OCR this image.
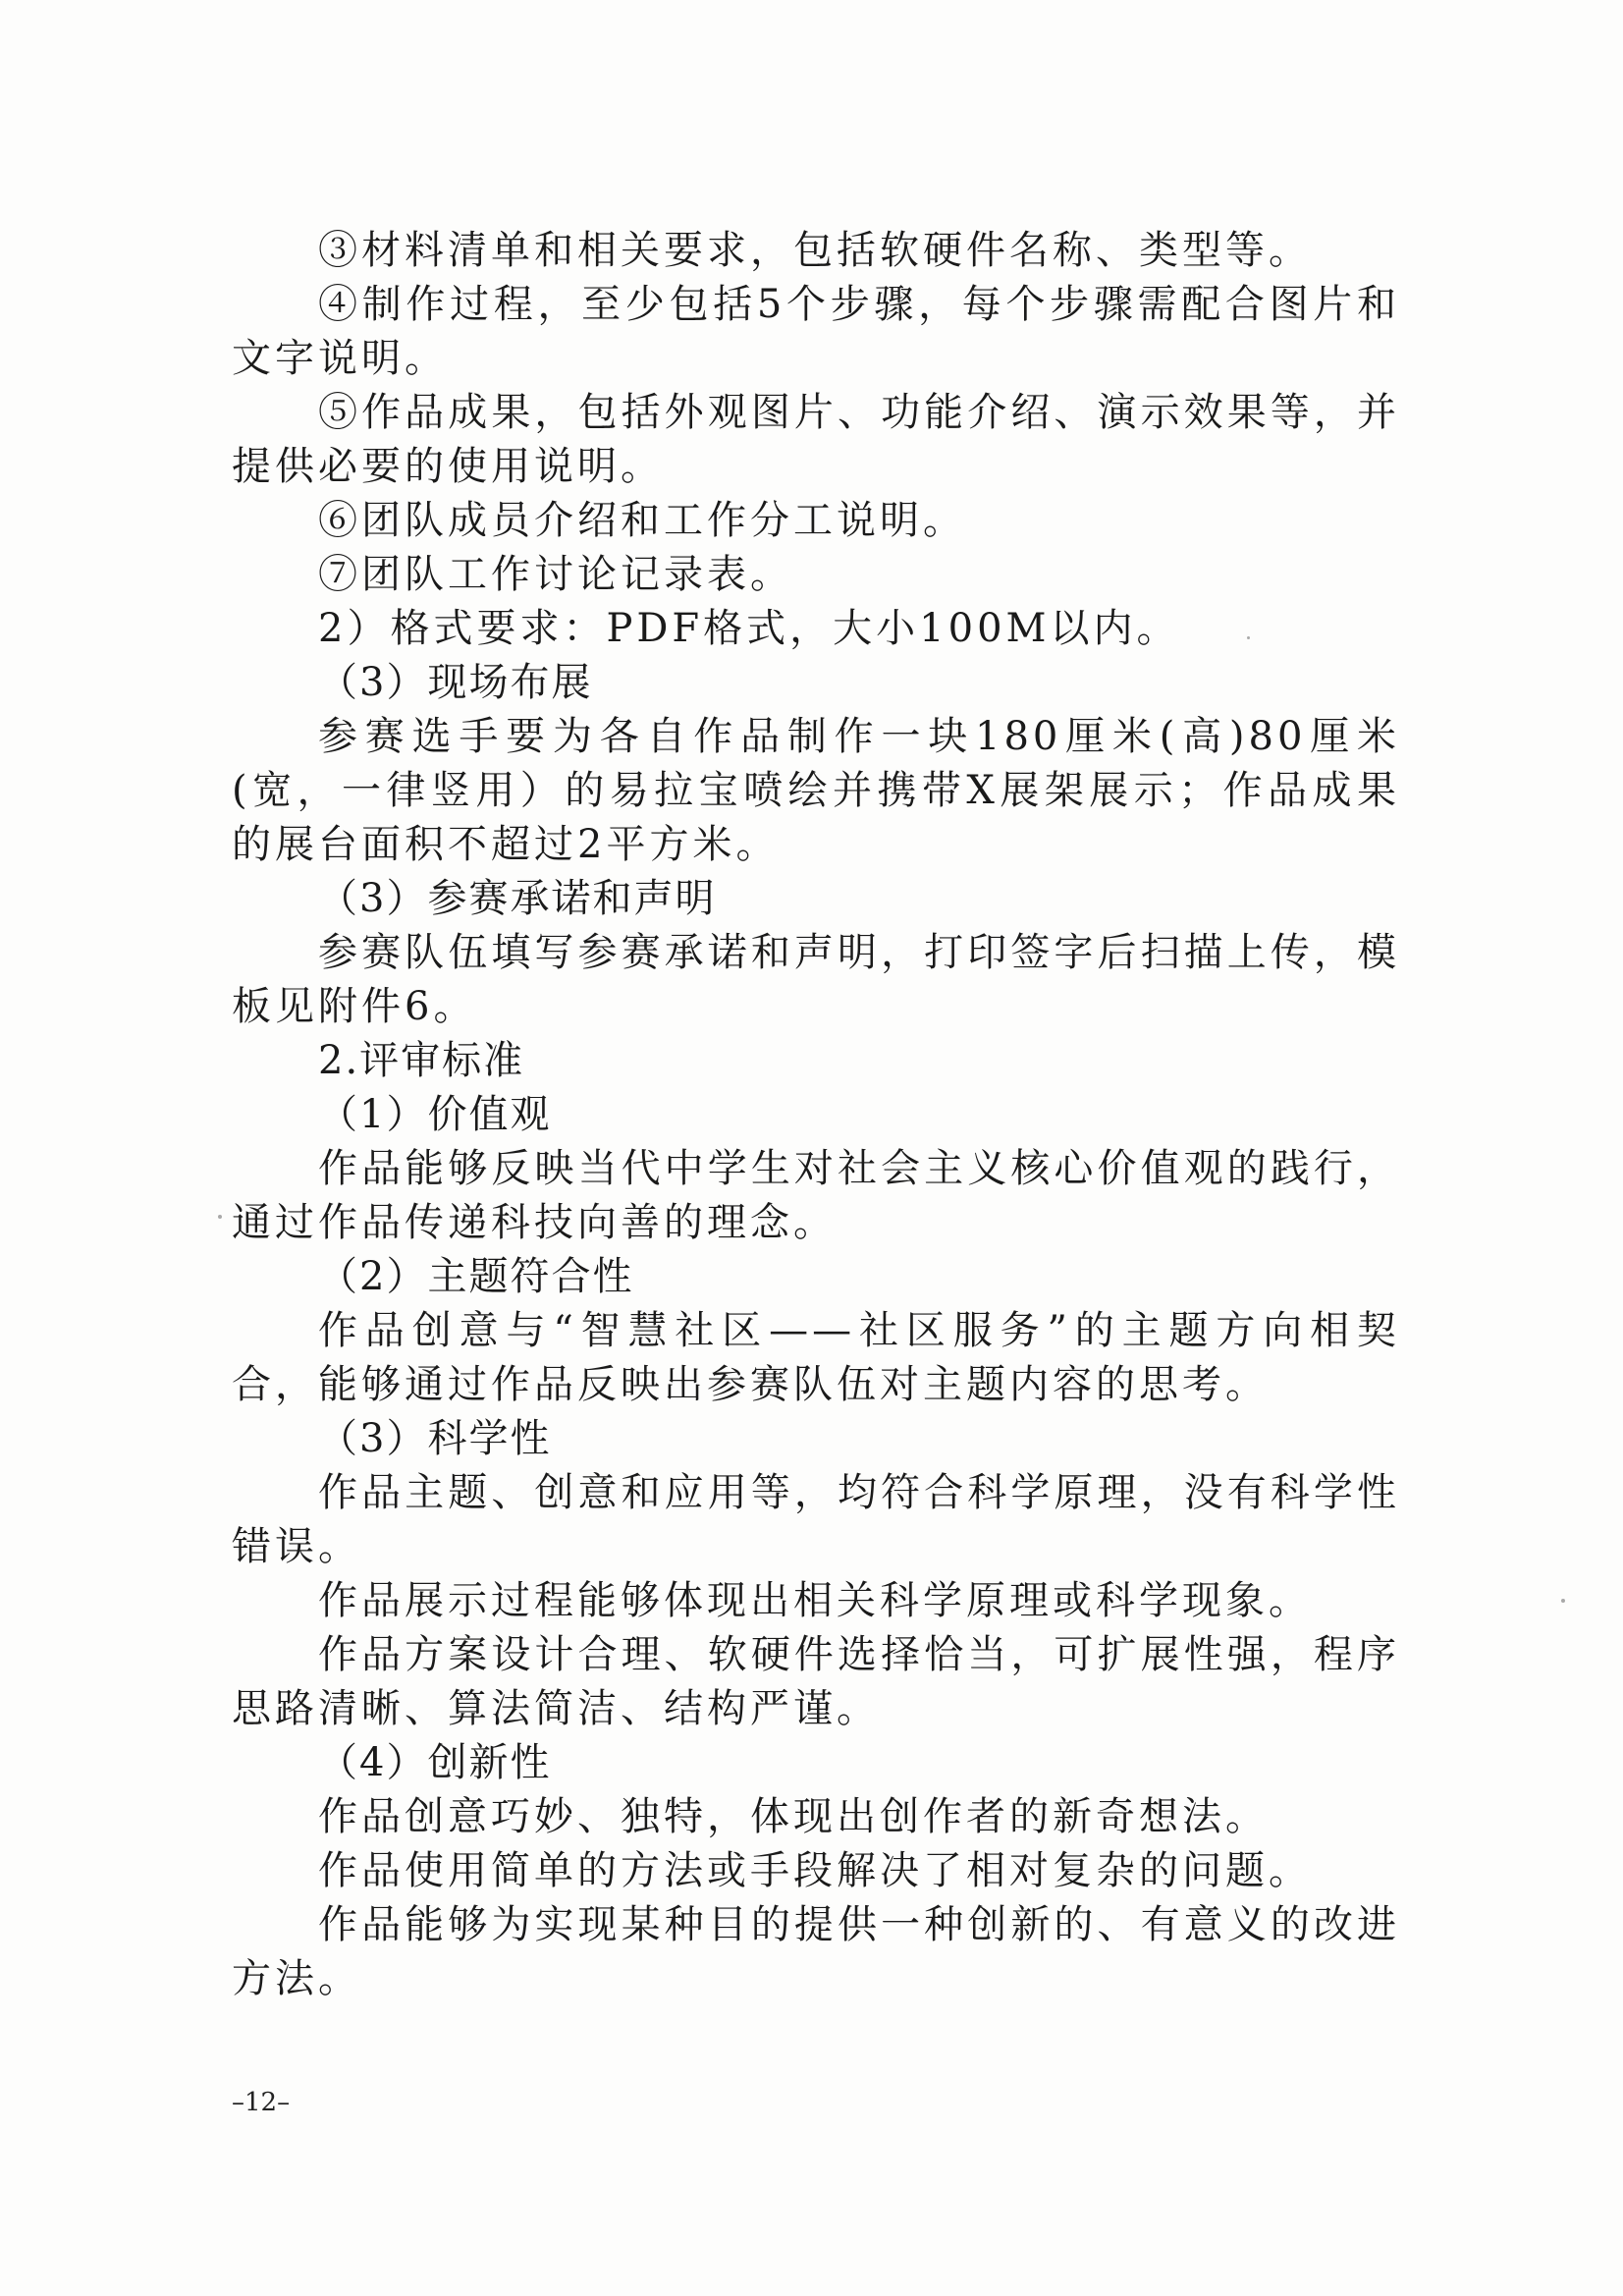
③材料清单和相关要求，包括软硬件名称、类型等。

④制作过程，至少包括5个步骤，每个步骤需配合图片和文字说明。

⑤作品成果，包括外观图片、功能介绍、演示效果等，并提供必要的使用说明。

⑥团队成员介绍和工作分工说明。

⑦团队工作讨论记录表。

2）格式要求：PDF格式，大小100M以内。

（3）现场布展

参赛选手要为各自作品制作一块180厘米(高)80厘米(宽，一律竖用）的易拉宝喷绘并携带X展架展示；作品成果的展台面积不超过2平方米。

（3）参赛承诺和声明

参赛队伍填写参赛承诺和声明，打印签字后扫描上传，模板见附件6。

2.评审标准

（1）价值观

作品能够反映当代中学生对社会主义核心价值观的践行，通过作品传递科技向善的理念。

（2）主题符合性

作品创意与“智慧社区——社区服务”的主题方向相契合，能够通过作品反映出参赛队伍对主题内容的思考。

（3）科学性

作品主题、创意和应用等，均符合科学原理，没有科学性错误。

作品展示过程能够体现出相关科学原理或科学现象。

作品方案设计合理、软硬件选择恰当，可扩展性强，程序思路清晰、算法简洁、结构严谨。

（4）创新性

作品创意巧妙、独特，体现出创作者的新奇想法。

作品使用简单的方法或手段解决了相对复杂的问题。

作品能够为实现某种目的提供一种创新的、有意义的改进方法。

–12–
